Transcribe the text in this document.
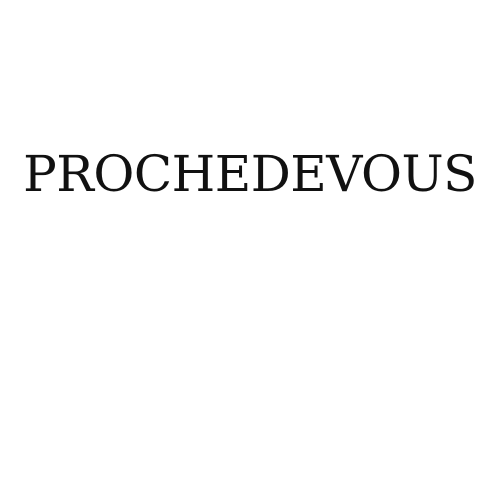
PROCHEDEVOUS
